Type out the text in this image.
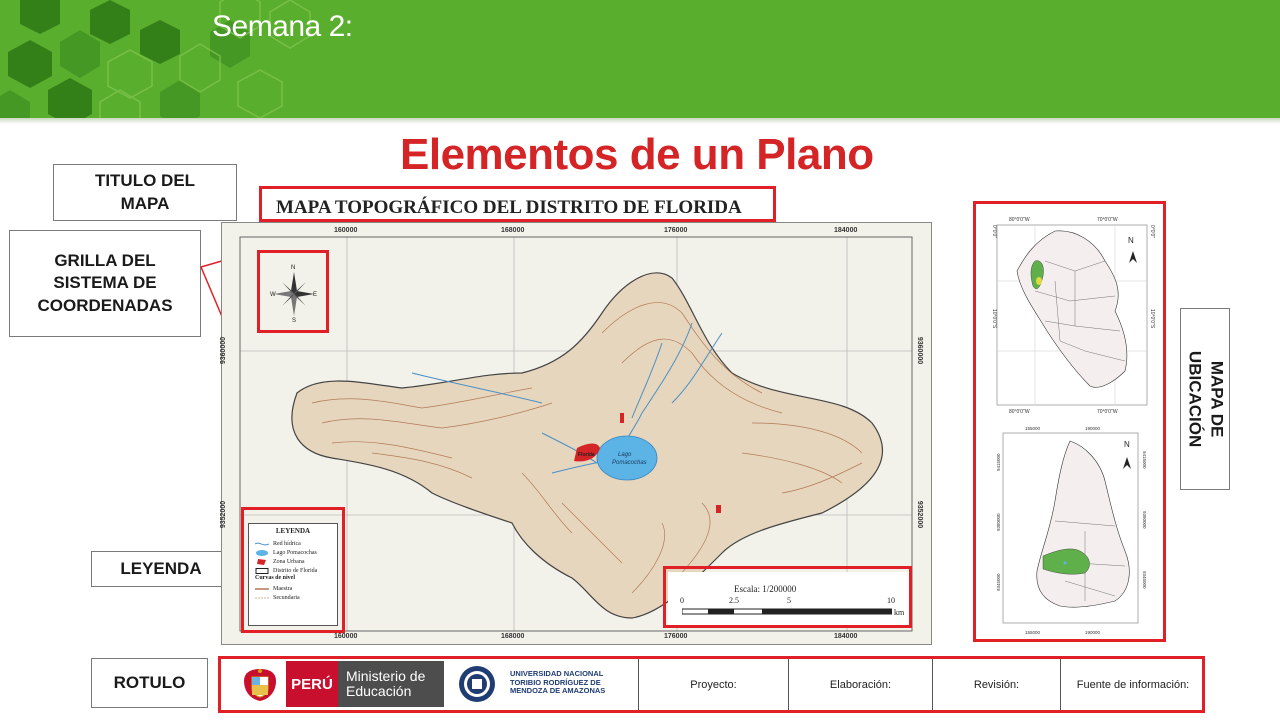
Semana 2:
Elementos de un Plano
TITULO DEL MAPA
GRILLA DEL SISTEMA DE COORDENADAS
LEYENDA
ROTULO
MAPA DE UBICACIÓN
MAPA TOPOGRÁFICO DEL DISTRITO DE FLORIDA
Lago
Pomacochas
Florida
160000	168000	176000	184000
160000	168000	176000	184000
9360000
9352000
9360000
9352000
N
S
W	E
LEYENDA
Red hídrica
Lago Pomacochas
Zona Urbana
Distrito de Florida
Curvas de nivel
Maestra
Secundaria
Escala: 1/200000
0	2.5	5	10
km
N
80°0'0"W	70°0'0"W
80°0'0"W	70°0'0"W
0°0'0"
10°0'0"S
0°0'0"
10°0'0"S
N
155000	190000
155000	190000
9415000
9380000
9345000
9415000
9380000
9345000
PERÚ Ministerio de Educación
UNIVERSIDAD NACIONAL TORIBIO RODRÍGUEZ DE MENDOZA DE AMAZONAS
Proyecto:	Elaboración:	Revisión:	Fuente de información:
